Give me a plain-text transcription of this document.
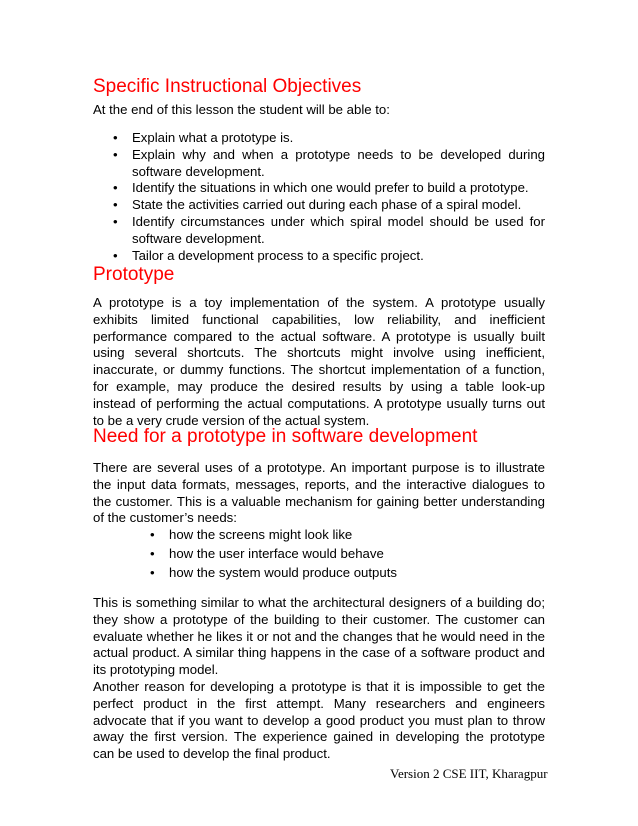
Specific Instructional Objectives

At the end of this lesson the student will be able to:

• Explain what a prototype is.
• Explain why and when a prototype needs to be developed during software development.
• Identify the situations in which one would prefer to build a prototype.
• State the activities carried out during each phase of a spiral model.
• Identify circumstances under which spiral model should be used for software development.
• Tailor a development process to a specific project.
Prototype

A prototype is a toy implementation of the system. A prototype usually exhibits limited functional capabilities, low reliability, and inefficient performance compared to the actual software. A prototype is usually built using several shortcuts. The shortcuts might involve using inefficient, inaccurate, or dummy functions. The shortcut implementation of a function, for example, may produce the desired results by using a table look-up instead of performing the actual computations. A prototype usually turns out to be a very crude version of the actual system.

Need for a prototype in software development

There are several uses of a prototype. An important purpose is to illustrate the input data formats, messages, reports, and the interactive dialogues to the customer. This is a valuable mechanism for gaining better understanding of the customer’s needs:

• how the screens might look like
• how the user interface would behave
• how the system would produce outputs

This is something similar to what the architectural designers of a building do; they show a prototype of the building to their customer. The customer can evaluate whether he likes it or not and the changes that he would need in the actual product. A similar thing happens in the case of a software product and its prototyping model.

Another reason for developing a prototype is that it is impossible to get the perfect product in the first attempt. Many researchers and engineers advocate that if you want to develop a good product you must plan to throw away the first version. The experience gained in developing the prototype can be used to develop the final product.

Version 2 CSE IIT, Kharagpur
